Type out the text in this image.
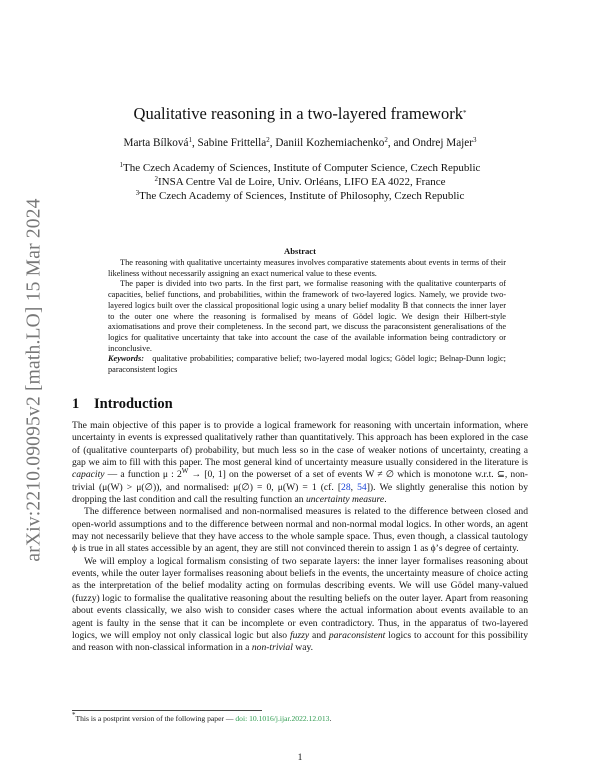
arXiv:2210.09095v2 [math.LO] 15 Mar 2024
Qualitative reasoning in a two-layered framework*
Marta Bílková$^1$, Sabine Frittella$^2$, Daniil Kozhemiachenko$^2$, and Ondrej Majer$^3$
$^1$The Czech Academy of Sciences, Institute of Computer Science, Czech Republic
$^2$INSA Centre Val de Loire, Univ. Orléans, LIFO EA 4022, France
$^3$The Czech Academy of Sciences, Institute of Philosophy, Czech Republic
Abstract

The reasoning with qualitative uncertainty measures involves comparative statements about events in terms of their likeliness without necessarily assigning an exact numerical value to these events.

The paper is divided into two parts. In the first part, we formalise reasoning with the qualitative counterparts of capacities, belief functions, and probabilities, within the framework of two-layered logics. Namely, we provide two-layered logics built over the classical propositional logic using a unary belief modality 𝔹 that connects the inner layer to the outer one where the reasoning is formalised by means of Gödel logic. We design their Hilbert-style axiomatisations and prove their completeness. In the second part, we discuss the paraconsistent generalisations of the logics for qualitative uncertainty that take into account the case of the available information being contradictory or inconclusive.

Keywords: qualitative probabilities; comparative belief; two-layered modal logics; Gödel logic; Belnap-Dunn logic; paraconsistent logics

1 Introduction

The main objective of this paper is to provide a logical framework for reasoning with uncertain information, where uncertainty in events is expressed qualitatively rather than quantitatively. This approach has been explored in the case of (qualitative counterparts of) probability, but much less so in the case of weaker notions of uncertainty, creating a gap we aim to fill with this paper. The most general kind of uncertainty measure usually considered in the literature is capacity — a function μ : $2^W \to [0$, 1] on the powerset of a set of events W ≠ ∅ which is monotone w.r.t. ⊆, non-trivial (μ(W) > μ(∅)), and normalised: μ(∅) = 0, μ(W) = 1 (cf. [28, 54]). We slightly generalise this notion by dropping the last condition and call the resulting function an uncertainty measure.

The difference between normalised and non-normalised measures is related to the difference between closed and open-world assumptions and to the difference between normal and non-normal modal logics. In other words, an agent may not necessarily believe that they have access to the whole sample space. Thus, even though, a classical tautology ϕ is true in all states accessible by an agent, they are still not convinced therein to assign 1 as ϕ’s degree of certainty.

We will employ a logical formalism consisting of two separate layers: the inner layer formalises reasoning about events, while the outer layer formalises reasoning about beliefs in the events, the uncertainty measure of choice acting as the interpretation of the belief modality acting on formulas describing events. We will use Gödel many-valued (fuzzy) logic to formalise the qualitative reasoning about the resulting beliefs on the outer layer. Apart from reasoning about events classically, we also wish to consider cases where the actual information about events available to an agent is faulty in the sense that it can be incomplete or even contradictory. Thus, in the apparatus of two-layered logics, we will employ not only classical logic but also fuzzy and paraconsistent logics to account for this possibility and reason with non-classical information in a non-trivial way.

*This is a postprint version of the following paper — doi: 10.1016/j.ijar.2022.12.013.
1
